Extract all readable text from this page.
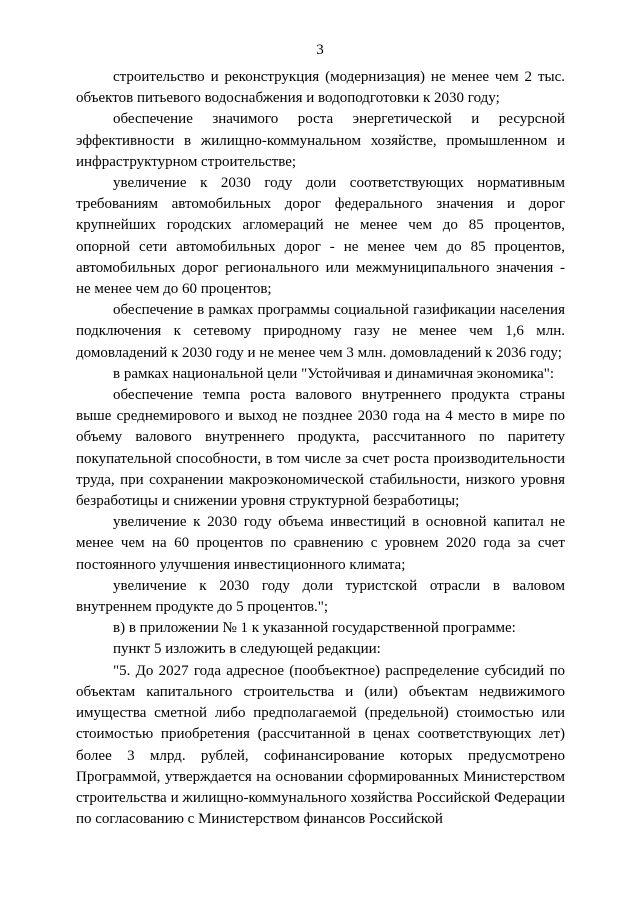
3

строительство и реконструкция (модернизация) не менее чем 2 тыс. объектов питьевого водоснабжения и водоподготовки к 2030 году;

обеспечение значимого роста энергетической и ресурсной эффективности в жилищно-коммунальном хозяйстве, промышленном и инфраструктурном строительстве;

увеличение к 2030 году доли соответствующих нормативным требованиям автомобильных дорог федерального значения и дорог крупнейших городских агломераций не менее чем до 85 процентов, опорной сети автомобильных дорог - не менее чем до 85 процентов, автомобильных дорог регионального или межмуниципального значения - не менее чем до 60 процентов;

обеспечение в рамках программы социальной газификации населения подключения к сетевому природному газу не менее чем 1,6 млн. домовладений к 2030 году и не менее чем 3 млн. домовладений к 2036 году;

в рамках национальной цели "Устойчивая и динамичная экономика":

обеспечение темпа роста валового внутреннего продукта страны выше среднемирового и выход не позднее 2030 года на 4 место в мире по объему валового внутреннего продукта, рассчитанного по паритету покупательной способности, в том числе за счет роста производительности труда, при сохранении макроэкономической стабильности, низкого уровня безработицы и снижении уровня структурной безработицы;

увеличение к 2030 году объема инвестиций в основной капитал не менее чем на 60 процентов по сравнению с уровнем 2020 года за счет постоянного улучшения инвестиционного климата;

увеличение к 2030 году доли туристской отрасли в валовом внутреннем продукте до 5 процентов.";

в) в приложении № 1 к указанной государственной программе:

пункт 5 изложить в следующей редакции:

"5. До 2027 года адресное (пообъектное) распределение субсидий по объектам капитального строительства и (или) объектам недвижимого имущества сметной либо предполагаемой (предельной) стоимостью или стоимостью приобретения (рассчитанной в ценах соответствующих лет) более 3 млрд. рублей, софинансирование которых предусмотрено Программой, утверждается на основании сформированных Министерством строительства и жилищно-коммунального хозяйства Российской Федерации по согласованию с Министерством финансов Российской
